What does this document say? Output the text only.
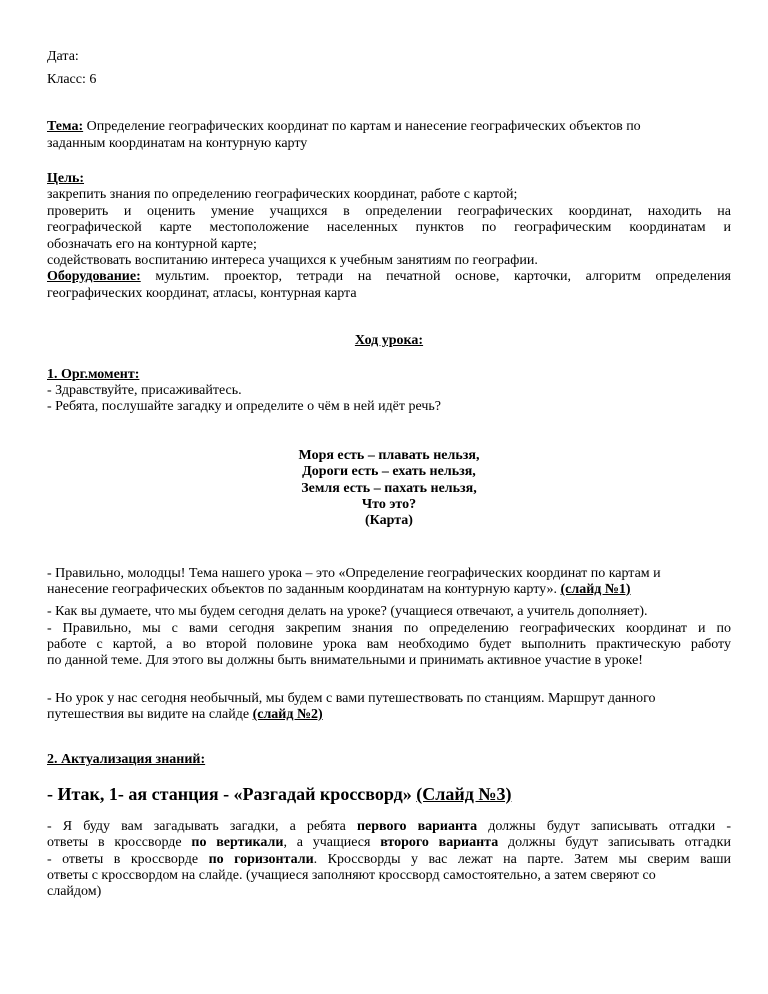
Дата:

Класс: 6

Тема: Определение географических координат по картам и нанесение географических объектов по

заданным координатам на контурную карту

Цель:

закрепить знания по определению географических координат, работе с картой;

проверить и оценить умение учащихся в определении географических координат, находить на

географической карте местоположение населенных пунктов по географическим координатам и

обозначать его на контурной карте;

содействовать воспитанию интереса учащихся к учебным занятиям по географии.

Оборудование: мультим. проектор, тетради на печатной основе, карточки, алгоритм определения

географических координат, атласы, контурная карта

Ход урока:

1. Орг.момент:

- Здравствуйте, присаживайтесь.

- Ребята, послушайте загадку и определите о чём в ней идёт речь?

Моря есть – плавать нельзя,

Дороги есть – ехать нельзя,

Земля есть – пахать нельзя,

Что это?

(Карта)

- Правильно, молодцы! Тема нашего урока – это «Определение географических координат по картам и

нанесение географических объектов по заданным координатам на контурную карту». (слайд №1)

- Как вы думаете, что мы будем сегодня делать на уроке? (учащиеся отвечают, а учитель дополняет).

- Правильно, мы с вами сегодня закрепим знания по определению географических координат и по

работе с картой, а во второй половине урока вам необходимо будет выполнить практическую работу

по данной теме. Для этого вы должны быть внимательными и принимать активное участие в уроке!

- Но урок у нас сегодня необычный, мы будем с вами путешествовать по станциям. Маршрут данного

путешествия вы видите на слайде (слайд №2)

2. Актуализация знаний:

- Итак, 1- ая станция - «Разгадай кроссворд» (Слайд №3)

- Я буду вам загадывать загадки, а ребята первого варианта должны будут записывать отгадки -

ответы в кроссворде по вертикали, а учащиеся второго варианта должны будут записывать отгадки

- ответы в кроссворде по горизонтали. Кроссворды у вас лежат на парте. Затем мы сверим ваши

ответы с кроссвордом на слайде. (учащиеся заполняют кроссворд самостоятельно, а затем сверяют со

слайдом)
